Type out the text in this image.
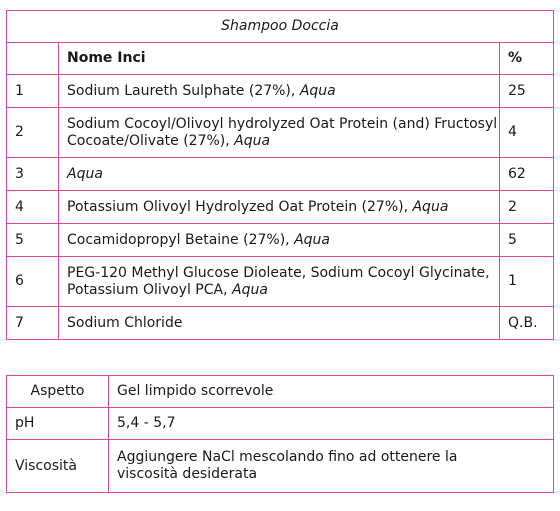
Shampoo Doccia		
	Nome Inci	%
1	Sodium Laureth Sulphate (27%), Aqua	25
2	Sodium Cocoyl/Olivoyl hydrolyzed Oat Protein (and) Fructosyl Cocoate/Olivate (27%), Aqua	4
3	Aqua	62
4	Potassium Olivoyl Hydrolyzed Oat Protein (27%), Aqua	2
5	Cocamidopropyl Betaine (27%), Aqua	5
6	PEG-120 Methyl Glucose Dioleate, Sodium Cocoyl Glycinate, Potassium Olivoyl PCA, Aqua	1
7	Sodium Chloride	Q.B.
Aspetto	Gel limpido scorrevole
pH	5,4 - 5,7
Viscosità	Aggiungere NaCl mescolando fino ad ottenere la viscosità desiderata
